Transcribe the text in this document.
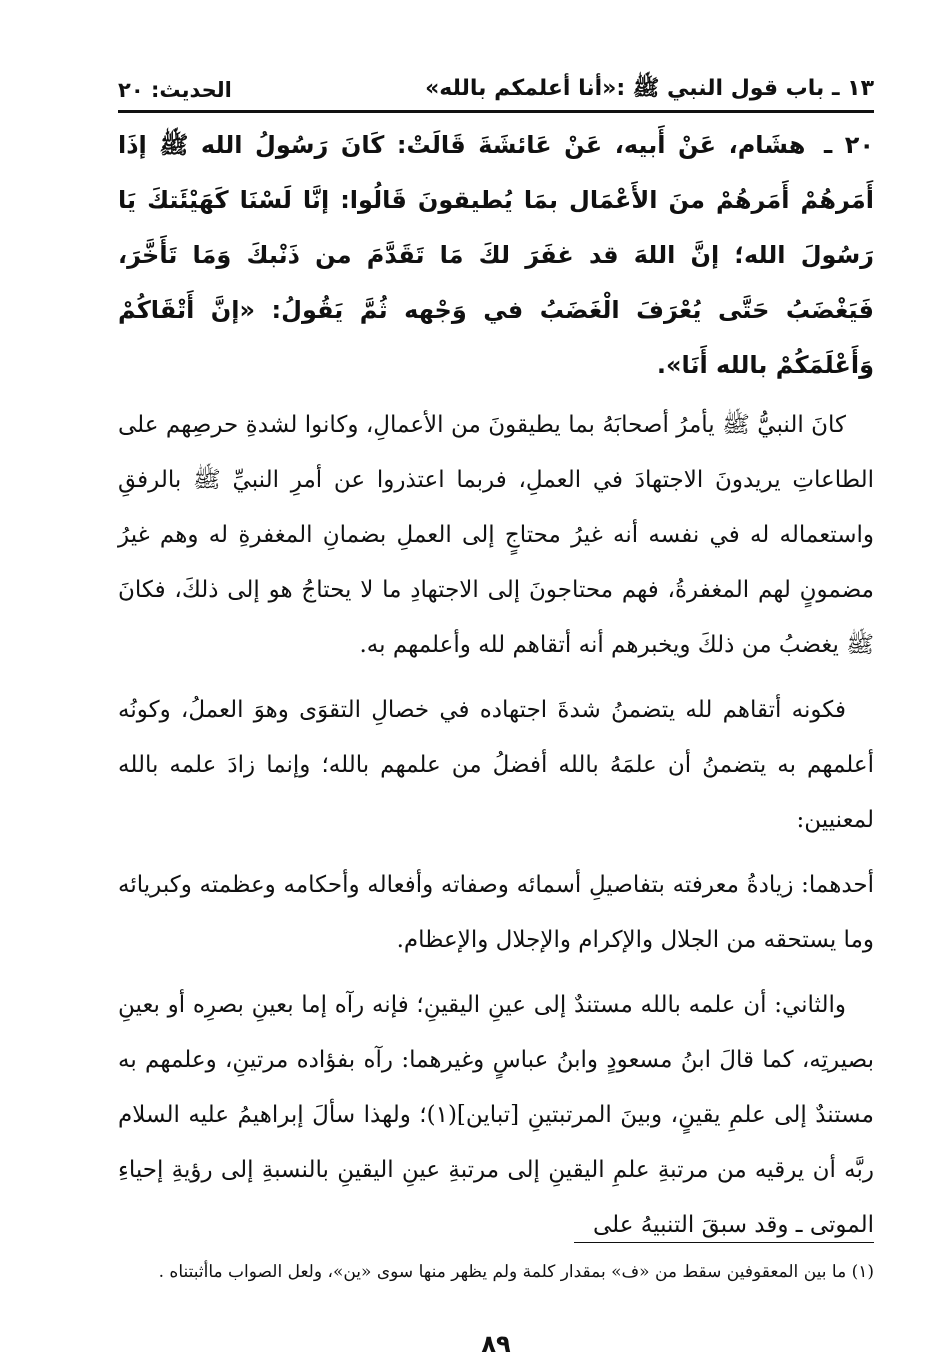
١٣ ـ باب قول النبي ﷺ :«أنا أعلمكم بالله»
الحديث: ٢٠
٢٠ ـ هشَام، عَنْ أَبيه، عَنْ عَائشَةَ قَالَتْ: كَانَ رَسُولُ الله ﷺ إذَا أَمَرهُمْ أَمَرهُمْ منَ الأَعْمَال بمَا يُطيقونَ قَالُوا: إنَّا لَسْنَا كَهَيْئَتكَ يَا رَسُولَ الله؛ إنَّ اللهَ قد غفَرَ لكَ مَا تَقَدَّمَ من ذَنْبكَ وَمَا تَأَخَّرَ، فَيَغْضَبُ حَتَّى يُعْرَفَ الْغَضَبُ في وَجْهه ثُمَّ يَقُولُ: «إنَّ أَتْقَاكُمْ وَأَعْلَمَكُمْ بالله أَنَا».

كانَ النبيُّ ﷺ يأمرُ أصحابَهُ بما يطيقونَ من الأعمالِ، وكانوا لشدةِ حرصِهم على الطاعاتِ يريدونَ الاجتهادَ في العملِ، فربما اعتذروا عن أمرِ النبيِّ ﷺ بالرفقِ واستعماله له في نفسه أنه غيرُ محتاجٍ إلى العملِ بضمانِ المغفرةِ له وهم غيرُ مضمونٍ لهم المغفرةُ، فهم محتاجونَ إلى الاجتهادِ ما لا يحتاجُ هو إلى ذلكَ، فكانَ ﷺ يغضبُ من ذلكَ ويخبرهم أنه أتقاهم لله وأعلمهم به.

فكونه أتقاهم لله يتضمنُ شدةَ اجتهاده في خصالِ التقوَى وهوَ العملُ، وكونُه أعلمهم به يتضمنُ أن علمَهُ بالله أفضلُ من علمهم بالله؛ وإنما زادَ علمه بالله لمعنيين:

أحدهما: زيادةُ معرفته بتفاصيلِ أسمائه وصفاته وأفعاله وأحكامه وعظمته وكبريائه وما يستحقه من الجلال والإكرام والإجلال والإعظام.

والثاني: أن علمه بالله مستندٌ إلى عينِ اليقينِ؛ فإنه رآه إما بعينِ بصرِه أو بعينِ بصيرتِه، كما قالَ ابنُ مسعودٍ وابنُ عباسٍ وغيرهما: رآه بفؤاده مرتينِ، وعلمهم به مستندٌ إلى علمِ يقينٍ، وبينَ المرتبتينِ [تباين](١)؛ ولهذا سألَ إبراهيمُ عليه السلام ربَّه أن يرقيه من مرتبةِ علمِ اليقينِ إلى مرتبةِ عينِ اليقينِ بالنسبةِ إلى رؤيةِ إحياءِ الموتى ـ وقد سبقَ التنبيهُ على

(١) ما بين المعقوفين سقط من «ف» بمقدار كلمة ولم يظهر منها سوى «ين»، ولعل الصواب ماأثبتناه .
٨٩
